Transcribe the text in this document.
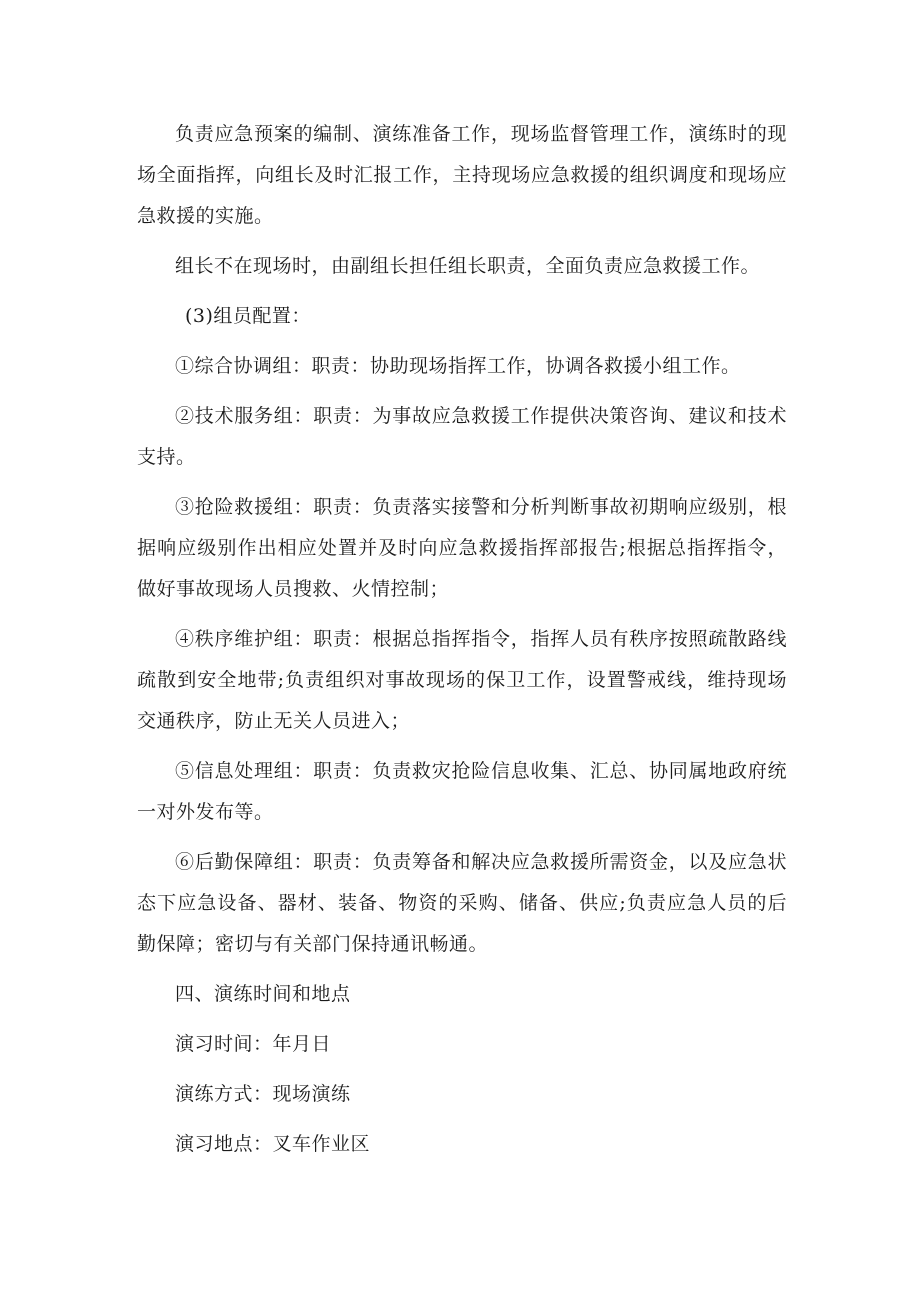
负责应急预案的编制、演练准备工作，现场监督管理工作，演练时的现场全面指挥，向组长及时汇报工作，主持现场应急救援的组织调度和现场应急救援的实施。

组长不在现场时，由副组长担任组长职责，全面负责应急救援工作。

(3)组员配置：

①综合协调组：职责：协助现场指挥工作，协调各救援小组工作。

②技术服务组：职责：为事故应急救援工作提供决策咨询、建议和技术支持。

③抢险救援组：职责：负责落实接警和分析判断事故初期响应级别，根据响应级别作出相应处置并及时向应急救援指挥部报告;根据总指挥指令，做好事故现场人员搜救、火情控制；

④秩序维护组：职责：根据总指挥指令，指挥人员有秩序按照疏散路线疏散到安全地带;负责组织对事故现场的保卫工作，设置警戒线，维持现场交通秩序，防止无关人员进入；

⑤信息处理组：职责：负责救灾抢险信息收集、汇总、协同属地政府统一对外发布等。

⑥后勤保障组：职责：负责筹备和解决应急救援所需资金，以及应急状态下应急设备、器材、装备、物资的采购、储备、供应;负责应急人员的后勤保障；密切与有关部门保持通讯畅通。

四、演练时间和地点

演习时间：年月日

演练方式：现场演练

演习地点：叉车作业区
